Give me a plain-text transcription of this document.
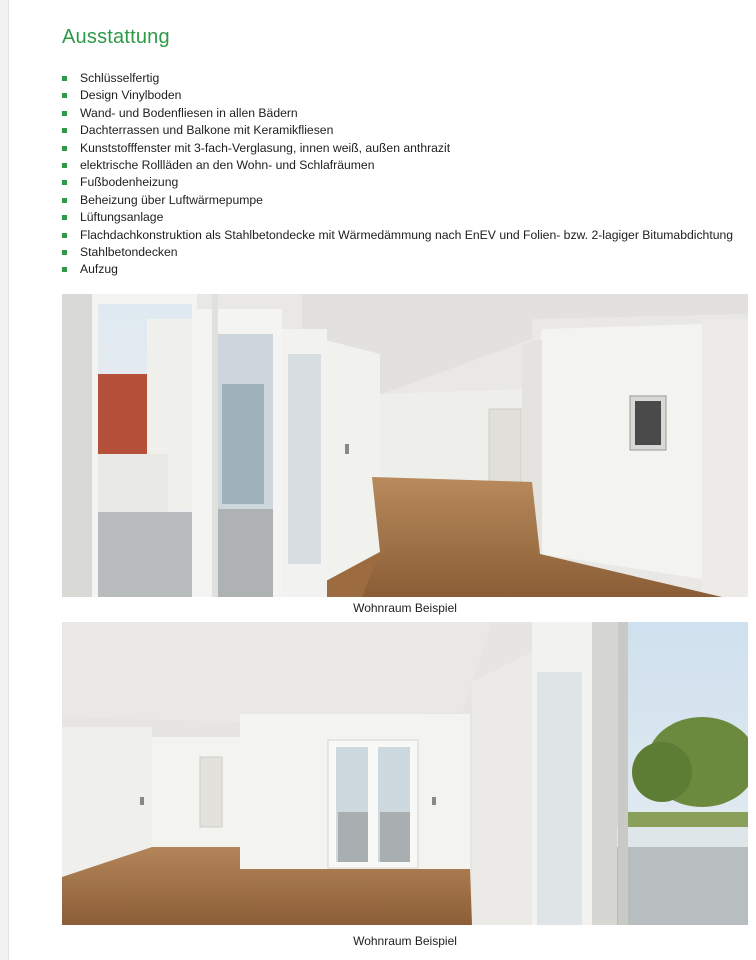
Ausstattung
Schlüsselfertig
Design Vinylboden
Wand- und Bodenfliesen in allen Bädern
Dachterrassen und Balkone mit Keramikfliesen
Kunststofffenster mit 3-fach-Verglasung, innen weiß, außen anthrazit
elektrische Rollläden an den Wohn- und Schlafräumen
Fußbodenheizung
Beheizung über Luftwärmepumpe
Lüftungsanlage
Flachdachkonstruktion als Stahlbetondecke mit Wärmedämmung nach EnEV und Folien- bzw. 2-lagiger Bitumabdichtung
Stahlbetondecken
Aufzug
Wohnraum Beispiel
Wohnraum Beispiel
